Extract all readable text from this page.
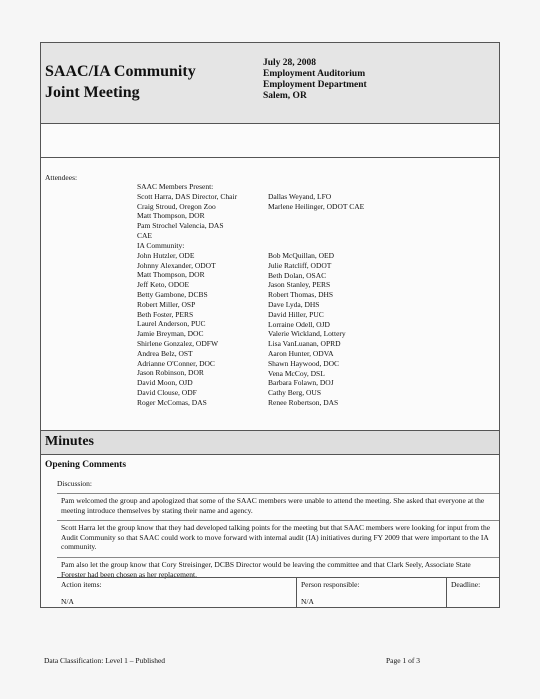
SAAC/IA Community
Joint Meeting
July 28, 2008
Employment Auditorium
Employment Department
Salem, OR
Attendees:
SAAC Members Present:
Scott Harra, DAS Director, Chair
Craig Stroud, Oregon Zoo
Matt Thompson, DOR
Pam Strochel Valencia, DAS
CAE
Dallas Weyand, LFO
Marlene Heilinger, ODOT CAE
IA Community:
John Hutzler, ODE
Johnny Alexander, ODOT
Matt Thompson, DOR
Jeff Keto, ODOE
Betty Gambone, DCBS
Robert Miller, OSP
Beth Foster, PERS
Laurel Anderson, PUC
Jamie Breyman, DOC
Shirlene Gonzalez, ODFW
Andrea Belz, OST
Adrianne O'Conner, DOC
Jason Robinson, DOR
David Moon, OJD
David Clouse, ODF
Roger McComas, DAS
Bob McQuillan, OED
Julie Ratcliff, ODOT
Beth Dolan, OSAC
Jason Stanley, PERS
Robert Thomas, DHS
Dave Lyda, DHS
David Hiller, PUC
Lorraine Odell, OJD
Valerie Wickland, Lottery
Lisa VanLuanan, OPRD
Aaron Hunter, ODVA
Shawn Haywood, DOC
Vena McCoy, DSL
Barbara Folawn, DOJ
Cathy Berg, OUS
Renee Robertson, DAS
Minutes
Opening Comments
Discussion:
Pam welcomed the group and apologized that some of the SAAC members were unable to attend the meeting. She asked that everyone at the meeting introduce themselves by stating their name and agency.
Scott Harra let the group know that they had developed talking points for the meeting but that SAAC members were looking for input from the Audit Community so that SAAC could work to move forward with internal audit (IA) initiatives during FY 2009 that were important to the IA community.
Pam also let the group know that Cory Streisinger, DCBS Director would be leaving the committee and that Clark Seely, Associate State Forester had been chosen as her replacement.
Action items:
N/A
Person responsible:
N/A
Deadline:
Data Classification: Level 1 – Published	Page 1 of 3
